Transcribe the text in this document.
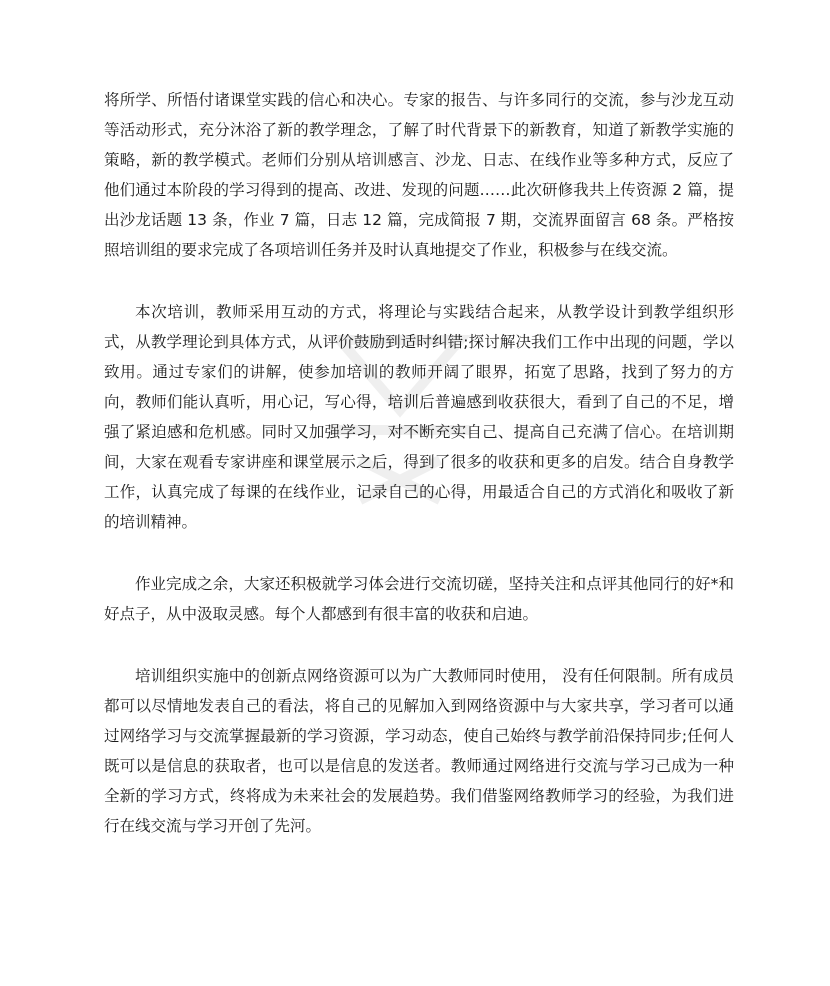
将所学、所悟付诸课堂实践的信心和决心。专家的报告、与许多同行的交流，参与沙龙互动等活动形式，充分沐浴了新的教学理念，了解了时代背景下的新教育，知道了新教学实施的策略，新的教学模式。老师们分别从培训感言、沙龙、日志、在线作业等多种方式，反应了他们通过本阶段的学习得到的提高、改进、发现的问题……此次研修我共上传资源 2 篇，提出沙龙话题 13 条，作业 7 篇，日志 12 篇，完成简报 7 期，交流界面留言 68 条。严格按照培训组的要求完成了各项培训任务并及时认真地提交了作业，积极参与在线交流。

本次培训，教师采用互动的方式，将理论与实践结合起来，从教学设计到教学组织形式，从教学理论到具体方式，从评价鼓励到适时纠错;探讨解决我们工作中出现的问题，学以致用。通过专家们的讲解，使参加培训的教师开阔了眼界，拓宽了思路，找到了努力的方向，教师们能认真听，用心记，写心得，培训后普遍感到收获很大，看到了自己的不足，增强了紧迫感和危机感。同时又加强学习，对不断充实自己、提高自己充满了信心。在培训期间，大家在观看专家讲座和课堂展示之后，得到了很多的收获和更多的启发。结合自身教学工作，认真完成了每课的在线作业，记录自己的心得，用最适合自己的方式消化和吸收了新的培训精神。

作业完成之余，大家还积极就学习体会进行交流切磋，坚持关注和点评其他同行的好*和好点子，从中汲取灵感。每个人都感到有很丰富的收获和启迪。

培训组织实施中的创新点网络资源可以为广大教师同时使用， 没有任何限制。所有成员都可以尽情地发表自己的看法，将自己的见解加入到网络资源中与大家共享，学习者可以通过网络学习与交流掌握最新的学习资源，学习动态，使自己始终与教学前沿保持同步;任何人既可以是信息的获取者，也可以是信息的发送者。教师通过网络进行交流与学习己成为一种全新的学习方式，终将成为未来社会的发展趋势。我们借鉴网络教师学习的经验，为我们进行在线交流与学习开创了先河。
